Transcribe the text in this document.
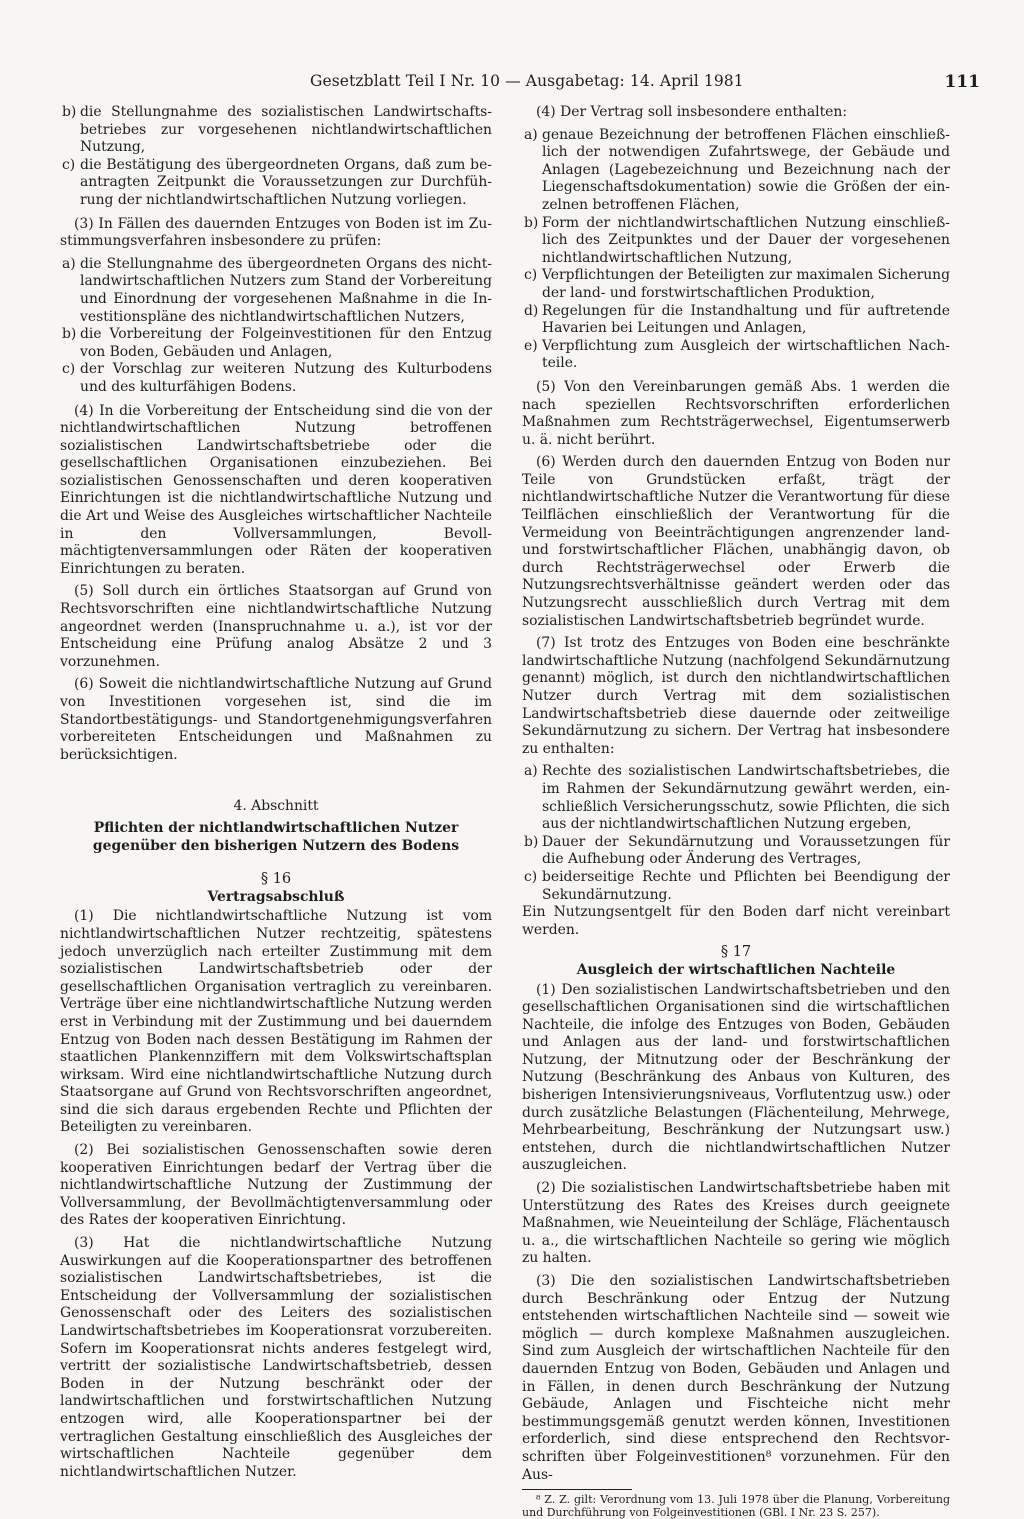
Gesetzblatt Teil I Nr. 10 — Ausgabetag: 14. April 1981	111
b) die Stellungnahme des sozialistischen Landwirtschaftsbetriebes zur vorgesehenen nichtlandwirtschaftlichen Nutzung,
c) die Bestätigung des übergeordneten Organs, daß zum beantragten Zeitpunkt die Voraussetzungen zur Durchführung der nichtlandwirtschaftlichen Nutzung vorliegen.

(3) In Fällen des dauernden Entzuges von Boden ist im Zustimmungsverfahren insbesondere zu prüfen:

a) die Stellungnahme des übergeordneten Organs des nichtlandwirtschaftlichen Nutzers zum Stand der Vorbereitung und Einordnung der vorgesehenen Maßnahme in die Investitionspläne des nichtlandwirtschaftlichen Nutzers,
b) die Vorbereitung der Folgeinvestitionen für den Entzug von Boden, Gebäuden und Anlagen,
c) der Vorschlag zur weiteren Nutzung des Kulturbodens und des kulturfähigen Bodens.

(4) In die Vorbereitung der Entscheidung sind die von der nichtlandwirtschaftlichen Nutzung betroffenen sozialistischen Landwirtschaftsbetriebe oder die gesellschaftlichen Organisationen einzubeziehen. Bei sozialistischen Genossenschaften und deren kooperativen Einrichtungen ist die nichtlandwirtschaftliche Nutzung und die Art und Weise des Ausgleiches wirtschaftlicher Nachteile in den Vollversammlungen, Bevollmächtigtenversammlungen oder Räten der kooperativen Einrichtungen zu beraten.

(5) Soll durch ein örtliches Staatsorgan auf Grund von Rechtsvorschriften eine nichtlandwirtschaftliche Nutzung angeordnet werden (Inanspruchnahme u. a.), ist vor der Entscheidung eine Prüfung analog Absätze 2 und 3 vorzunehmen.

(6) Soweit die nichtlandwirtschaftliche Nutzung auf Grund von Investitionen vorgesehen ist, sind die im Standortbestätigungs- und Standortgenehmigungsverfahren vorbereiteten Entscheidungen und Maßnahmen zu berücksichtigen.

4. Abschnitt
Pflichten der nichtlandwirtschaftlichen Nutzer gegenüber den bisherigen Nutzern des Bodens
§ 16
Vertragsabschluß

(1) Die nichtlandwirtschaftliche Nutzung ist vom nichtlandwirtschaftlichen Nutzer rechtzeitig, spätestens jedoch unverzüglich nach erteilter Zustimmung mit dem sozialistischen Landwirtschaftsbetrieb oder der gesellschaftlichen Organisation vertraglich zu vereinbaren. Verträge über eine nichtlandwirtschaftliche Nutzung werden erst in Verbindung mit der Zustimmung und bei dauerndem Entzug von Boden nach dessen Bestätigung im Rahmen der staatlichen Plankennziffern mit dem Volkswirtschaftsplan wirksam. Wird eine nichtlandwirtschaftliche Nutzung durch Staatsorgane auf Grund von Rechtsvorschriften angeordnet, sind die sich daraus ergebenden Rechte und Pflichten der Beteiligten zu vereinbaren.

(2) Bei sozialistischen Genossenschaften sowie deren kooperativen Einrichtungen bedarf der Vertrag über die nichtlandwirtschaftliche Nutzung der Zustimmung der Vollversammlung, der Bevollmächtigtenversammlung oder des Rates der kooperativen Einrichtung.

(3) Hat die nichtlandwirtschaftliche Nutzung Auswirkungen auf die Kooperationspartner des betroffenen sozialistischen Landwirtschaftsbetriebes, ist die Entscheidung der Vollversammlung der sozialistischen Genossenschaft oder des Leiters des sozialistischen Landwirtschaftsbetriebes im Kooperationsrat vorzubereiten. Sofern im Kooperationsrat nichts anderes festgelegt wird, vertritt der sozialistische Landwirtschaftsbetrieb, dessen Boden in der Nutzung beschränkt oder der landwirtschaftlichen und forstwirtschaftlichen Nutzung entzogen wird, alle Kooperationspartner bei der vertraglichen Gestaltung einschließlich des Ausgleiches der wirtschaftlichen Nachteile gegenüber dem nichtlandwirtschaftlichen Nutzer.

(4) Der Vertrag soll insbesondere enthalten:

a) genaue Bezeichnung der betroffenen Flächen einschließlich der notwendigen Zufahrtswege, der Gebäude und Anlagen (Lagebezeichnung und Bezeichnung nach der Liegenschaftsdokumentation) sowie die Größen der einzelnen betroffenen Flächen,
b) Form der nichtlandwirtschaftlichen Nutzung einschließlich des Zeitpunktes und der Dauer der vorgesehenen nichtlandwirtschaftlichen Nutzung,
c) Verpflichtungen der Beteiligten zur maximalen Sicherung der land- und forstwirtschaftlichen Produktion,
d) Regelungen für die Instandhaltung und für auftretende Havarien bei Leitungen und Anlagen,
e) Verpflichtung zum Ausgleich der wirtschaftlichen Nachteile.

(5) Von den Vereinbarungen gemäß Abs. 1 werden die nach speziellen Rechtsvorschriften erforderlichen Maßnahmen zum Rechtsträgerwechsel, Eigentumserwerb u. ä. nicht berührt.

(6) Werden durch den dauernden Entzug von Boden nur Teile von Grundstücken erfaßt, trägt der nichtlandwirtschaftliche Nutzer die Verantwortung für diese Teilflächen einschließlich der Verantwortung für die Vermeidung von Beeinträchtigungen angrenzender land- und forstwirtschaftlicher Flächen, unabhängig davon, ob durch Rechtsträgerwechsel oder Erwerb die Nutzungsrechtsverhältnisse geändert werden oder das Nutzungsrecht ausschließlich durch Vertrag mit dem sozialistischen Landwirtschaftsbetrieb begründet wurde.

(7) Ist trotz des Entzuges von Boden eine beschränkte landwirtschaftliche Nutzung (nachfolgend Sekundärnutzung genannt) möglich, ist durch den nichtlandwirtschaftlichen Nutzer durch Vertrag mit dem sozialistischen Landwirtschaftsbetrieb diese dauernde oder zeitweilige Sekundärnutzung zu sichern. Der Vertrag hat insbesondere zu enthalten:

a) Rechte des sozialistischen Landwirtschaftsbetriebes, die im Rahmen der Sekundärnutzung gewährt werden, einschließlich Versicherungsschutz, sowie Pflichten, die sich aus der nichtlandwirtschaftlichen Nutzung ergeben,
b) Dauer der Sekundärnutzung und Voraussetzungen für die Aufhebung oder Änderung des Vertrages,
c) beiderseitige Rechte und Pflichten bei Beendigung der Sekundärnutzung.

Ein Nutzungsentgelt für den Boden darf nicht vereinbart werden.

§ 17
Ausgleich der wirtschaftlichen Nachteile

(1) Den sozialistischen Landwirtschaftsbetrieben und den gesellschaftlichen Organisationen sind die wirtschaftlichen Nachteile, die infolge des Entzuges von Boden, Gebäuden und Anlagen aus der land- und forstwirtschaftlichen Nutzung, der Mitnutzung oder der Beschränkung der Nutzung (Beschränkung des Anbaus von Kulturen, des bisherigen Intensivierungsniveaus, Vorflutentzug usw.) oder durch zusätzliche Belastungen (Flächenteilung, Mehrwege, Mehrbearbeitung, Beschränkung der Nutzungsart usw.) entstehen, durch die nichtlandwirtschaftlichen Nutzer auszugleichen.

(2) Die sozialistischen Landwirtschaftsbetriebe haben mit Unterstützung des Rates des Kreises durch geeignete Maßnahmen, wie Neueinteilung der Schläge, Flächentausch u. a., die wirtschaftlichen Nachteile so gering wie möglich zu halten.

(3) Die den sozialistischen Landwirtschaftsbetrieben durch Beschränkung oder Entzug der Nutzung entstehenden wirtschaftlichen Nachteile sind — soweit wie möglich — durch komplexe Maßnahmen auszugleichen. Sind zum Ausgleich der wirtschaftlichen Nachteile für den dauernden Entzug von Boden, Gebäuden und Anlagen und in Fällen, in denen durch Beschränkung der Nutzung Gebäude, Anlagen und Fischteiche nicht mehr bestimmungsgemäß genutzt werden können, Investitionen erforderlich, sind diese entsprechend den Rechtsvorschriften über Folgeinvestitionen⁸ vorzunehmen. Für den Aus-

⁸ Z. Z. gilt: Verordnung vom 13. Juli 1978 über die Planung, Vorbereitung und Durchführung von Folgeinvestitionen (GBl. I Nr. 23 S. 257).
